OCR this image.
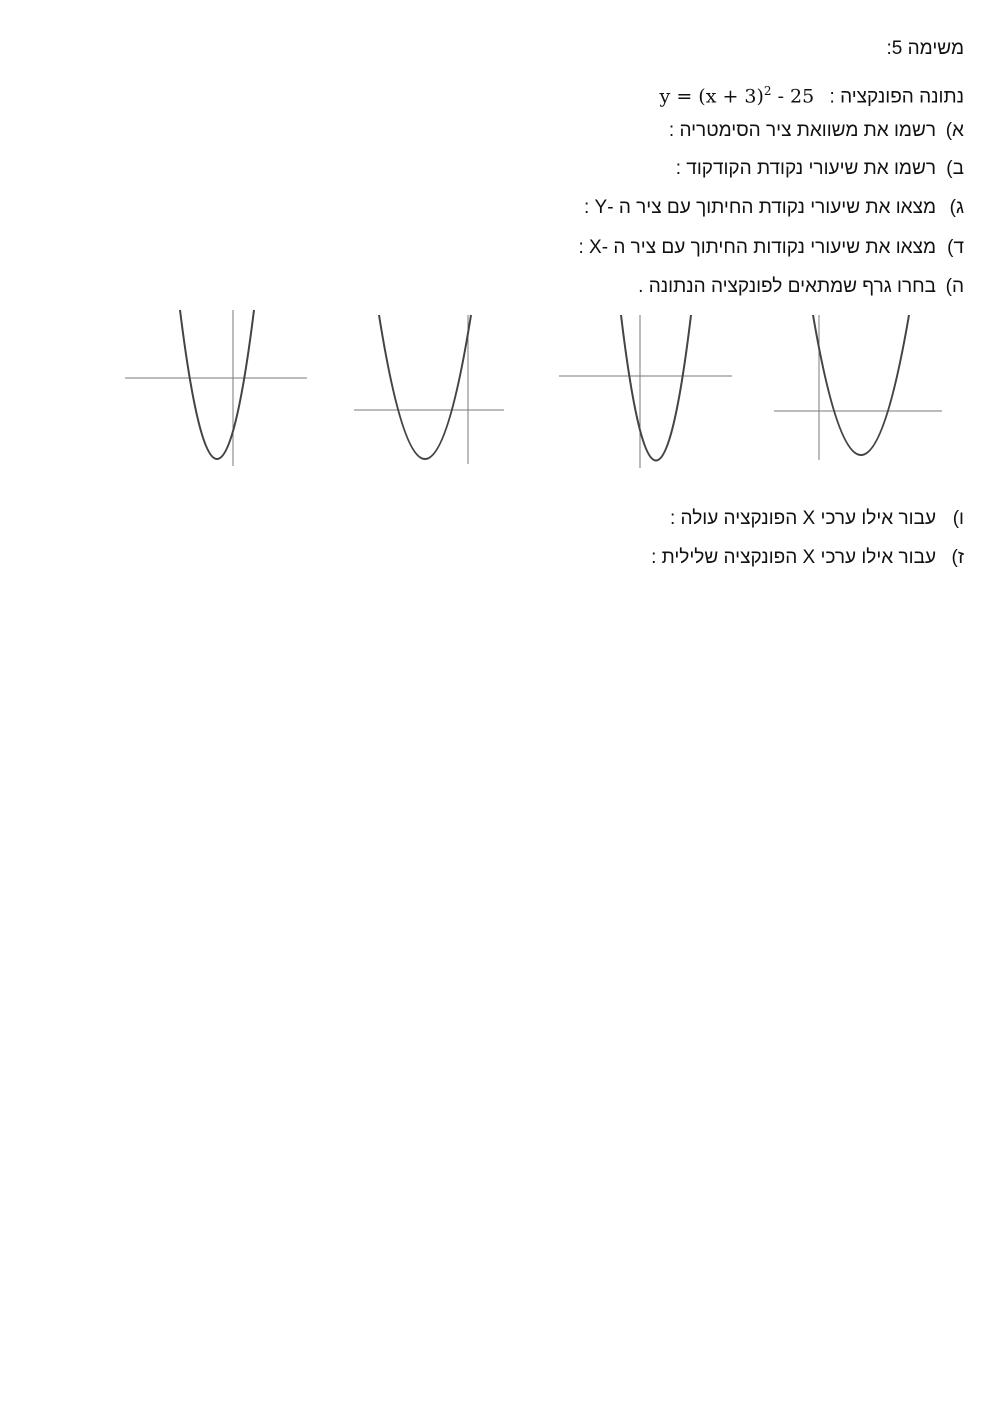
משימה 5:
נתונה הפונקציה : $y = (x + 3)^2 - 25$
א)רשמו את משוואת ציר הסימטריה :
ב)רשמו את שיעורי נקודת הקודקוד :
ג)מצאו את שיעורי נקודת החיתוך עם ציר ה -Y :
ד)מצאו את שיעורי נקודות החיתוך עם ציר ה -X :
ה)בחרו גרף שמתאים לפונקציה הנתונה .
ו)עבור אילו ערכי X הפונקציה עולה :
ז)עבור אילו ערכי X הפונקציה שלילית :
